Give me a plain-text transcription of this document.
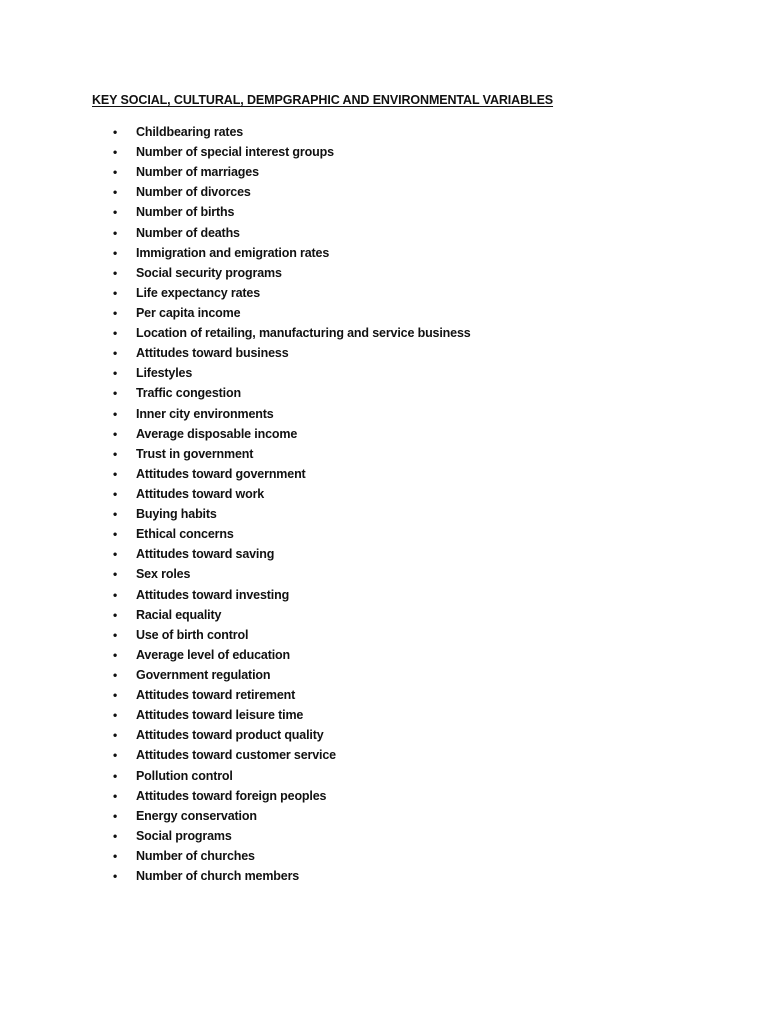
KEY SOCIAL, CULTURAL, DEMPGRAPHIC AND ENVIRONMENTAL VARIABLES
• Childbearing rates
• Number of special interest groups
• Number of marriages
• Number of divorces
• Number of births
• Number of deaths
• Immigration and emigration rates
• Social security programs
• Life expectancy rates
• Per capita income
• Location of retailing, manufacturing and service business
• Attitudes toward business
• Lifestyles
• Traffic congestion
• Inner city environments
• Average disposable income
• Trust in government
• Attitudes toward government
• Attitudes toward work
• Buying habits
• Ethical concerns
• Attitudes toward saving
• Sex roles
• Attitudes toward investing
• Racial equality
• Use of birth control
• Average level of education
• Government regulation
• Attitudes toward retirement
• Attitudes toward leisure time
• Attitudes toward product quality
• Attitudes toward customer service
• Pollution control
• Attitudes toward foreign peoples
• Energy conservation
• Social programs
• Number of churches
• Number of church members
